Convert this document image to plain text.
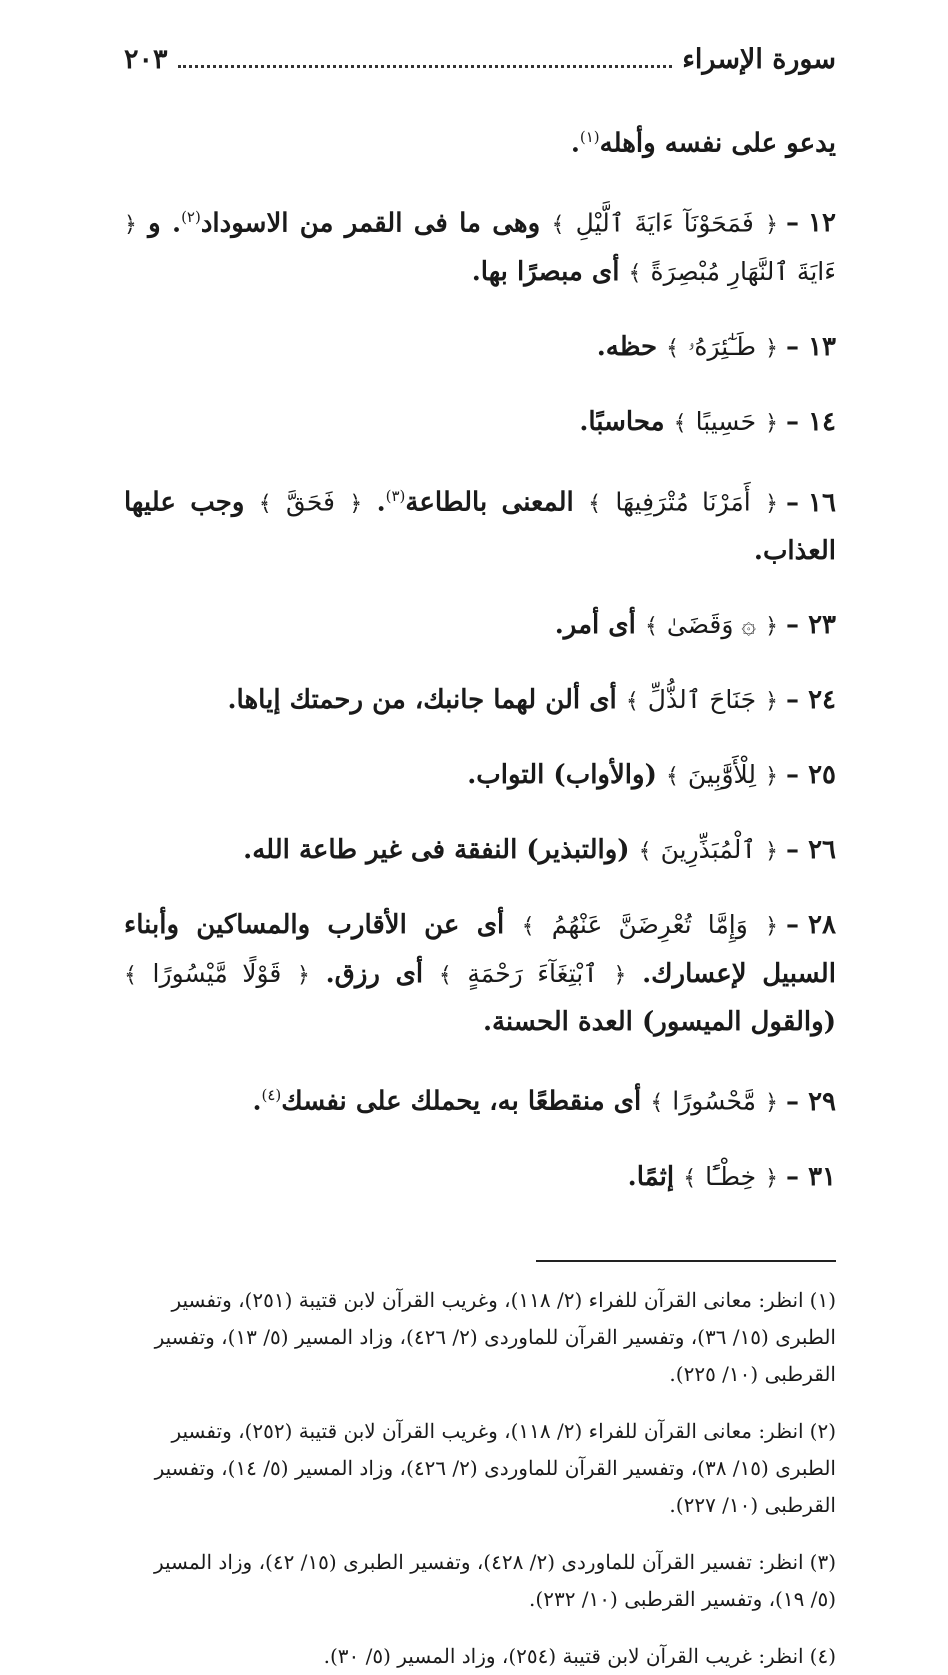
سورة الإسراء
٢٠٣

يدعو على نفسه وأهله$^{(١)}$.

١٢ –﴿ فَمَحَوْنَآ ءَايَةَ ٱلَّيْلِ ﴾ وهى ما فى القمر من الاسوداد$^{(٢)}$. و ﴿ ءَايَةَ ٱلنَّهَارِ مُبْصِرَةً ﴾ أى مبصرًا بها.

١٣ –﴿ طَـٰٓئِرَهُۥ ﴾ حظه.

١٤ –﴿ حَسِيبًا ﴾ محاسبًا.

١٦ –﴿ أَمَرْنَا مُتْرَفِيهَا ﴾ المعنى بالطاعة$^{(٣)}$. ﴿ فَحَقَّ ﴾ وجب عليها العذاب.

٢٣ –﴿ ۞ وَقَضَىٰ ﴾ أى أمر.

٢٤ –﴿ جَنَاحَ ٱلذُّلِّ ﴾ أى ألن لهما جانبك، من رحمتك إياها.

٢٥ –﴿ لِلْأَوَّٰبِينَ ﴾ (والأواب) التواب.

٢٦ –﴿ ٱلْمُبَذِّرِينَ ﴾ (والتبذير) النفقة فى غير طاعة الله.

٢٨ –﴿ وَإِمَّا تُعْرِضَنَّ عَنْهُمُ ﴾ أى عن الأقارب والمساكين وأبناء السبيل لإعسارك. ﴿ ٱبْتِغَآءَ رَحْمَةٍ ﴾ أى رزق. ﴿ قَوْلًا مَّيْسُورًا ﴾ (والقول الميسور) العدة الحسنة.

٢٩ –﴿ مَّحْسُورًا ﴾ أى منقطعًا به، يحملك على نفسك$^{(٤)}$.

٣١ –﴿ خِطْـًٔا ﴾ إثمًا.

(١)انظر: معانى القرآن للفراء (٢/ ١١٨)، وغريب القرآن لابن قتيبة (٢٥١)، وتفسير الطبرى (١٥/ ٣٦)، وتفسير القرآن للماوردى (٢/ ٤٢٦)، وزاد المسير (٥/ ١٣)، وتفسير القرطبى (١٠/ ٢٢٥).

(٢)انظر: معانى القرآن للفراء (٢/ ١١٨)، وغريب القرآن لابن قتيبة (٢٥٢)، وتفسير الطبرى (١٥/ ٣٨)، وتفسير القرآن للماوردى (٢/ ٤٢٦)، وزاد المسير (٥/ ١٤)، وتفسير القرطبى (١٠/ ٢٢٧).

(٣)انظر: تفسير القرآن للماوردى (٢/ ٤٢٨)، وتفسير الطبرى (١٥/ ٤٢)، وزاد المسير (٥/ ١٩)، وتفسير القرطبى (١٠/ ٢٣٢).

(٤)انظر: غريب القرآن لابن قتيبة (٢٥٤)، وزاد المسير (٥/ ٣٠).
